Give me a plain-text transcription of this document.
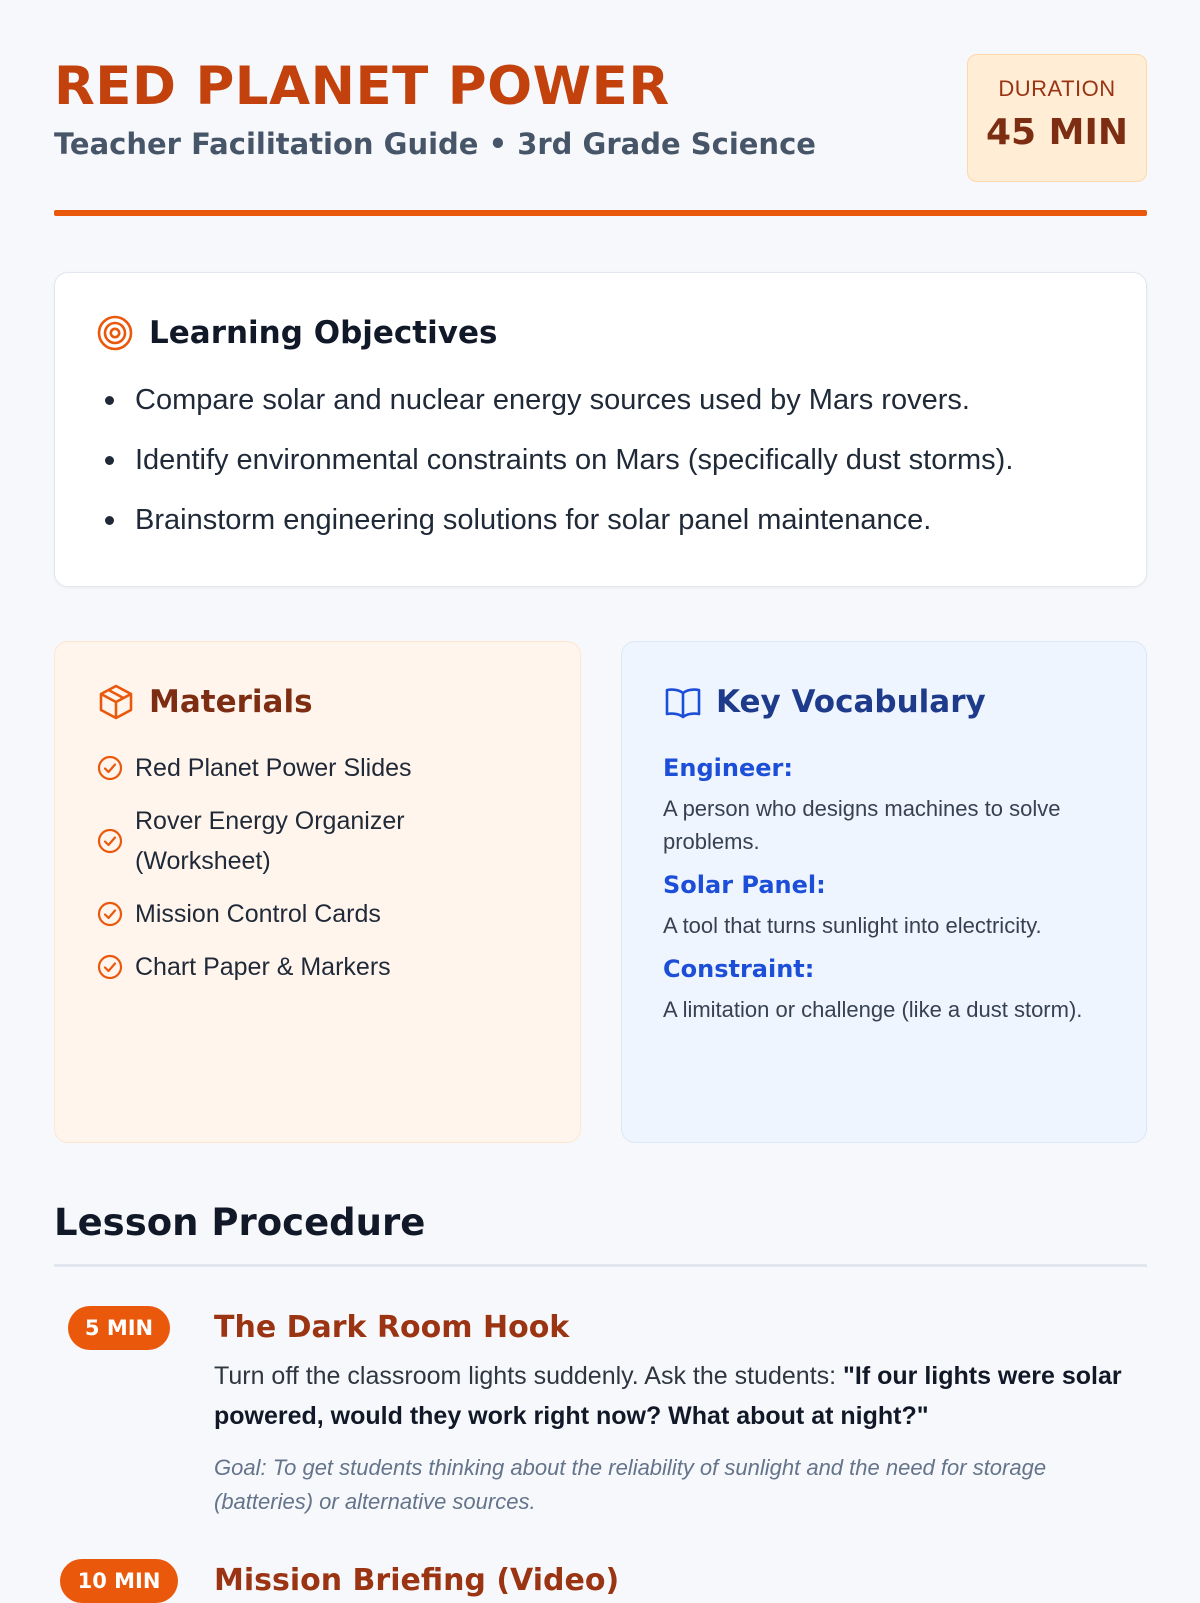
RED PLANET POWER
Teacher Facilitation Guide • 3rd Grade Science
DURATION
45 MIN
Learning Objectives
Compare solar and nuclear energy sources used by Mars rovers.
Identify environmental constraints on Mars (specifically dust storms).
Brainstorm engineering solutions for solar panel maintenance.
Materials
Red Planet Power Slides
Rover Energy Organizer (Worksheet)
Mission Control Cards
Chart Paper & Markers
Key Vocabulary
Engineer:
A person who designs machines to solve problems.
Solar Panel:
A tool that turns sunlight into electricity.
Constraint:
A limitation or challenge (like a dust storm).
Lesson Procedure
5 MIN	The Dark Room Hook

Turn off the classroom lights suddenly. Ask the students: "If our lights were solar powered, would they work right now? What about at night?"

Goal: To get students thinking about the reliability of sunlight and the need for storage (batteries) or alternative sources.

10 MIN	Mission Briefing (Video)
